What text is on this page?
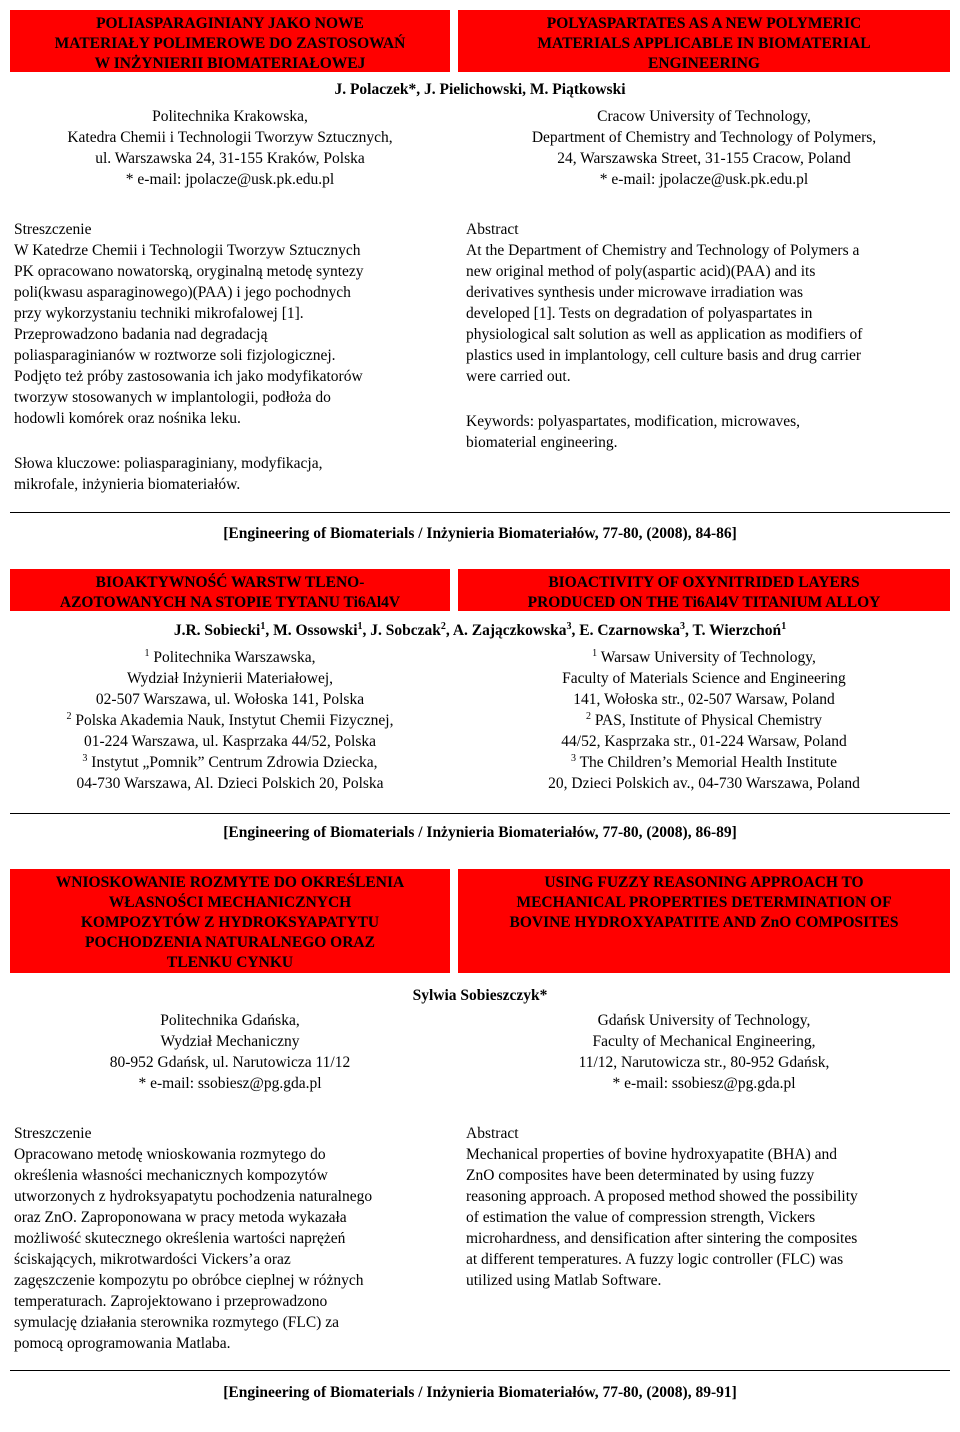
POLIASPARAGINIANY JAKO NOWE
MATERIAŁY POLIMEROWE DO ZASTOSOWAŃ
W INŻYNIERII BIOMATERIAŁOWEJ
POLYASPARTATES AS A NEW POLYMERIC
MATERIALS APPLICABLE IN BIOMATERIAL
ENGINEERING
J. Polaczek*, J. Pielichowski, M. Piątkowski
Politechnika Krakowska,
Katedra Chemii i Technologii Tworzyw Sztucznych,
ul. Warszawska 24, 31-155 Kraków, Polska
* e-mail: jpolacze@usk.pk.edu.pl
Cracow University of Technology,
Department of Chemistry and Technology of Polymers,
24, Warszawska Street, 31-155 Cracow, Poland
* e-mail: jpolacze@usk.pk.edu.pl
Streszczenie
W Katedrze Chemii i Technologii Tworzyw Sztucznych
PK opracowano nowatorską, oryginalną metodę syntezy
poli(kwasu asparaginowego)(PAA) i jego pochodnych
przy wykorzystaniu techniki mikrofalowej [1].
Przeprowadzono badania nad degradacją
poliasparaginianów w roztworze soli fizjologicznej.
Podjęto też próby zastosowania ich jako modyfikatorów
tworzyw stosowanych w implantologii, podłoża do
hodowli komórek oraz nośnika leku.
Słowa kluczowe: poliasparaginiany, modyfikacja,
mikrofale, inżynieria biomateriałów.
Abstract
At the Department of Chemistry and Technology of Polymers a
new original method of poly(aspartic acid)(PAA) and its
derivatives synthesis under microwave irradiation was
developed [1]. Tests on degradation of polyaspartates in
physiological salt solution as well as application as modifiers of
plastics used in implantology, cell culture basis and drug carrier
were carried out.
Keywords: polyaspartates, modification, microwaves,
biomaterial engineering.
[Engineering of Biomaterials / Inżynieria Biomateriałów, 77-80, (2008), 84-86]
BIOAKTYWNOŚĆ WARSTW TLENO-
AZOTOWANYCH NA STOPIE TYTANU Ti6Al4V
BIOACTIVITY OF OXYNITRIDED LAYERS
PRODUCED ON THE Ti6Al4V TITANIUM ALLOY
J.R. Sobiecki$^1$, M. Ossowski$^1$, J. Sobczak$^2$, A. Zajączkowska$^3$, E. Czarnowska$^3$, T. Wierzchoń$^1$
$^1$ Politechnika Warszawska,
Wydział Inżynierii Materiałowej,
02-507 Warszawa, ul. Wołoska 141, Polska
$^2$ Polska Akademia Nauk, Instytut Chemii Fizycznej,
01-224 Warszawa, ul. Kasprzaka 44/52, Polska
$^3$ Instytut „Pomnik” Centrum Zdrowia Dziecka,
04-730 Warszawa, Al. Dzieci Polskich 20, Polska
$^1$ Warsaw University of Technology,
Faculty of Materials Science and Engineering
141, Wołoska str., 02-507 Warsaw, Poland
$^2$ PAS, Institute of Physical Chemistry
44/52, Kasprzaka str., 01-224 Warsaw, Poland
$^3$ The Children’s Memorial Health Institute
20, Dzieci Polskich av., 04-730 Warszawa, Poland
[Engineering of Biomaterials / Inżynieria Biomateriałów, 77-80, (2008), 86-89]
WNIOSKOWANIE ROZMYTE DO OKREŚLENIA
WŁASNOŚCI MECHANICZNYCH
KOMPOZYTÓW Z HYDROKSYAPATYTU
POCHODZENIA NATURALNEGO ORAZ
TLENKU CYNKU
USING FUZZY REASONING APPROACH TO
MECHANICAL PROPERTIES DETERMINATION OF
BOVINE HYDROXYAPATITE AND ZnO COMPOSITES
Sylwia Sobieszczyk*
Politechnika Gdańska,
Wydział Mechaniczny
80-952 Gdańsk, ul. Narutowicza 11/12
* e-mail: ssobiesz@pg.gda.pl
Gdańsk University of Technology,
Faculty of Mechanical Engineering,
11/12, Narutowicza str., 80-952 Gdańsk,
* e-mail: ssobiesz@pg.gda.pl
Streszczenie
Opracowano metodę wnioskowania rozmytego do
określenia własności mechanicznych kompozytów
utworzonych z hydroksyapatytu pochodzenia naturalnego
oraz ZnO. Zaproponowana w pracy metoda wykazała
możliwość skutecznego określenia wartości naprężeń
ściskających, mikrotwardości Vickers’a oraz
zagęszczenie kompozytu po obróbce cieplnej w różnych
temperaturach. Zaprojektowano i przeprowadzono
symulację działania sterownika rozmytego (FLC) za
pomocą oprogramowania Matlaba.
Abstract
Mechanical properties of bovine hydroxyapatite (BHA) and
ZnO composites have been determinated by using fuzzy
reasoning approach. A proposed method showed the possibility
of estimation the value of compression strength, Vickers
microhardness, and densification after sintering the composites
at different temperatures. A fuzzy logic controller (FLC) was
utilized using Matlab Software.
[Engineering of Biomaterials / Inżynieria Biomateriałów, 77-80, (2008), 89-91]
